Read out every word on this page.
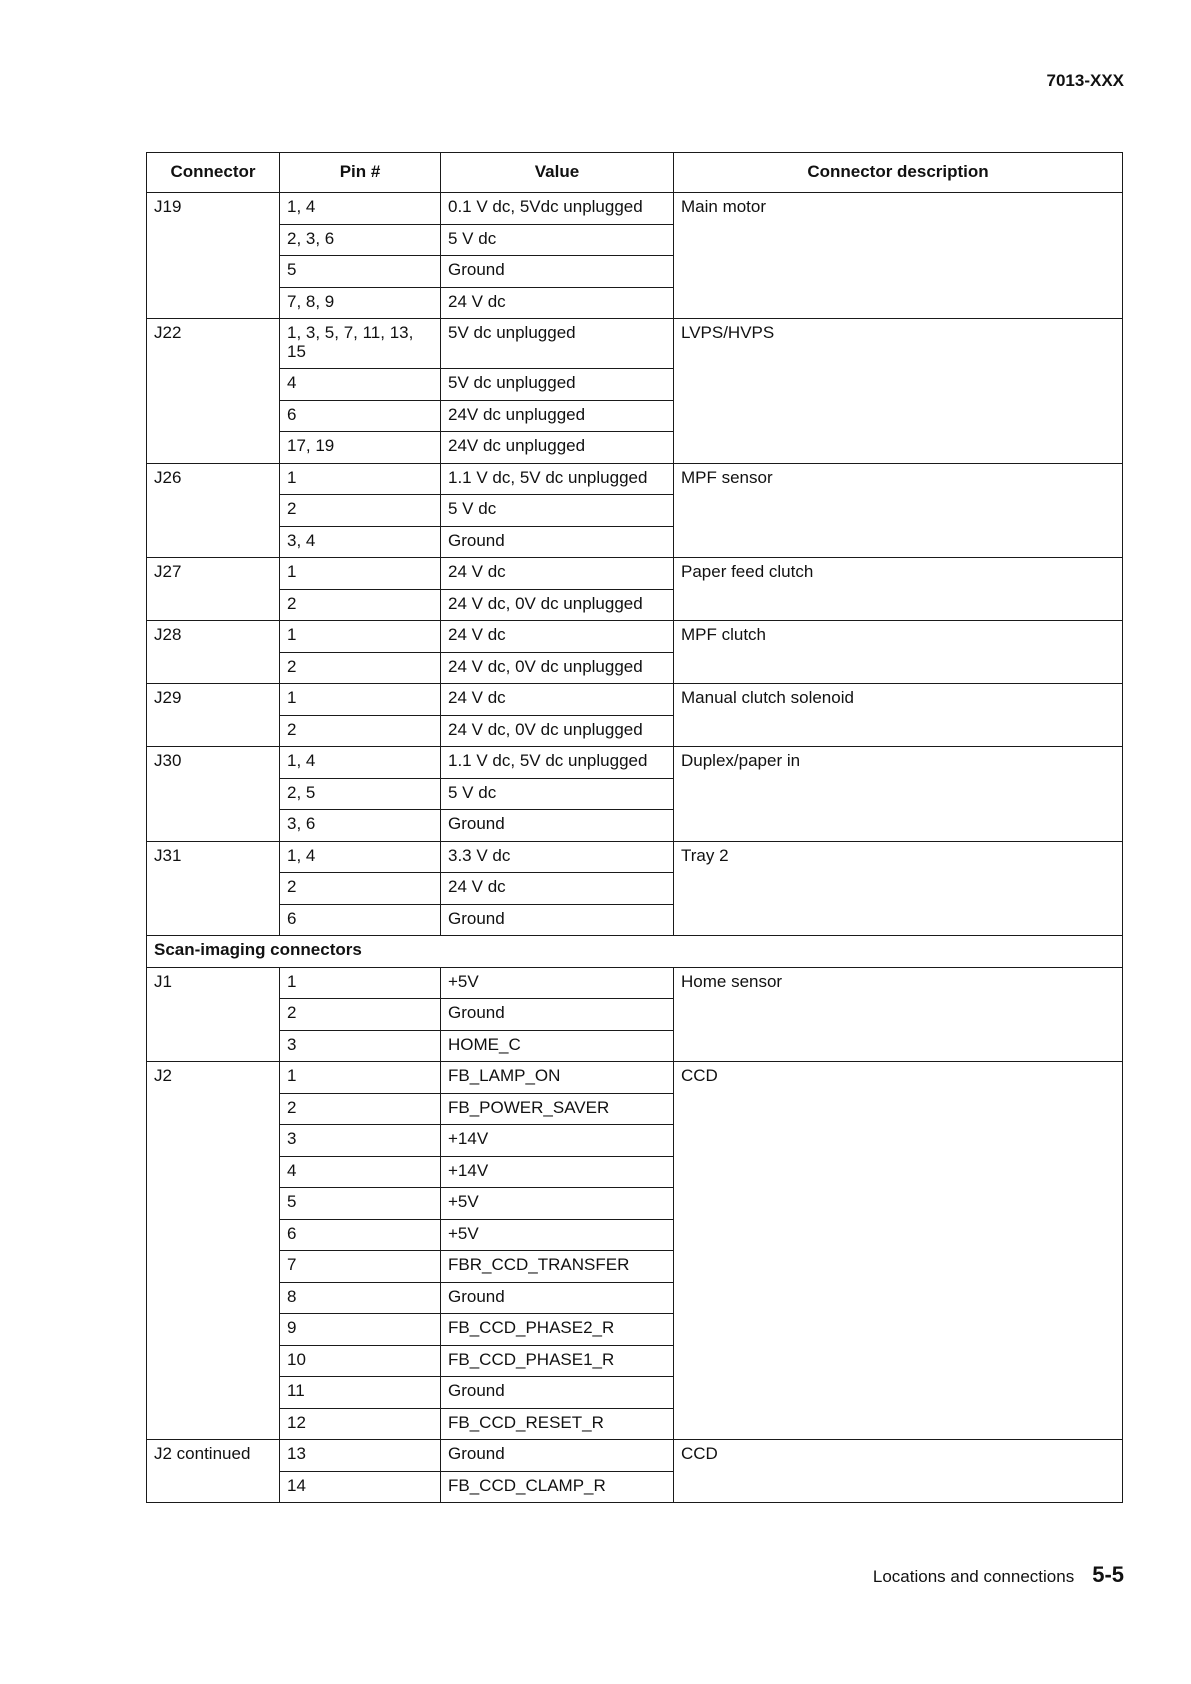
7013-XXX
Connector	Pin #	Value	Connector description
J19	1, 4	0.1 V dc, 5Vdc unplugged	Main motor
	2, 3, 6	5 V dc	
	5	Ground	
	7, 8, 9	24 V dc	
J22	1, 3, 5, 7, 11, 13, 15	5V dc unplugged	LVPS/HVPS
	4	5V dc unplugged	
	6	24V dc unplugged	
	17, 19	24V dc unplugged	
J26	1	1.1 V dc, 5V dc unplugged	MPF sensor
	2	5 V dc	
	3, 4	Ground	
J27	1	24 V dc	Paper feed clutch
	2	24 V dc, 0V dc unplugged	
J28	1	24 V dc	MPF clutch
	2	24 V dc, 0V dc unplugged	
J29	1	24 V dc	Manual clutch solenoid
	2	24 V dc, 0V dc unplugged	
J30	1, 4	1.1 V dc, 5V dc unplugged	Duplex/paper in
	2, 5	5 V dc	
	3, 6	Ground	
J31	1, 4	3.3 V dc	Tray 2
	2	24 V dc	
	6	Ground	
Scan-imaging connectors			
J1	1	+5V	Home sensor
	2	Ground	
	3	HOME_C	
J2	1	FB_LAMP_ON	CCD
	2	FB_POWER_SAVER	
	3	+14V	
	4	+14V	
	5	+5V	
	6	+5V	
	7	FBR_CCD_TRANSFER	
	8	Ground	
	9	FB_CCD_PHASE2_R	
	10	FB_CCD_PHASE1_R	
	11	Ground	
	12	FB_CCD_RESET_R	
J2 continued	13	Ground	CCD
	14	FB_CCD_CLAMP_R	
Locations and connections 5-5
